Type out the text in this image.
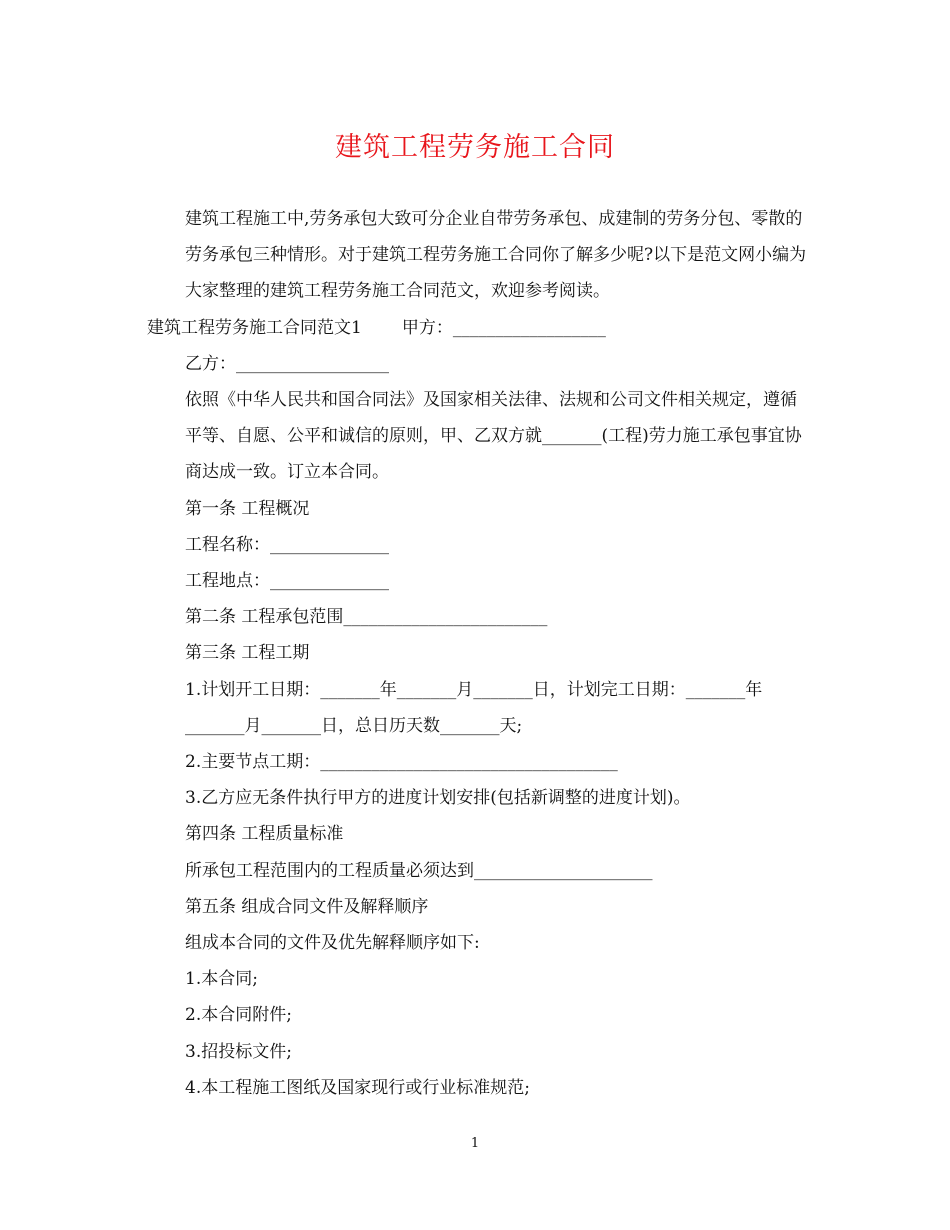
建筑工程劳务施工合同

建筑工程施工中,劳务承包大致可分企业自带劳务承包、成建制的劳务分包、零散的劳务承包三种情形。对于建筑工程劳务施工合同你了解多少呢?以下是范文网小编为大家整理的建筑工程劳务施工合同范文，欢迎参考阅读。

建筑工程劳务施工合同范文1 甲方：__________________

乙方：__________________

依照《中华人民共和国合同法》及国家相关法律、法规和公司文件相关规定，遵循平等、自愿、公平和诚信的原则，甲、乙双方就_______(工程)劳力施工承包事宜协商达成一致。订立本合同。

第一条 工程概况

工程名称：______________

工程地点：______________

第二条 工程承包范围________________________

第三条 工程工期

1.计划开工日期：_______年_______月_______日，计划完工日期：_______年_______月_______日，总日历天数_______天;

2.主要节点工期：___________________________________

3.乙方应无条件执行甲方的进度计划安排(包括新调整的进度计划)。

第四条 工程质量标准

所承包工程范围内的工程质量必须达到_____________________

第五条 组成合同文件及解释顺序

组成本合同的文件及优先解释顺序如下:

1.本合同;

2.本合同附件;

3.招投标文件;

4.本工程施工图纸及国家现行或行业标准规范;

1
